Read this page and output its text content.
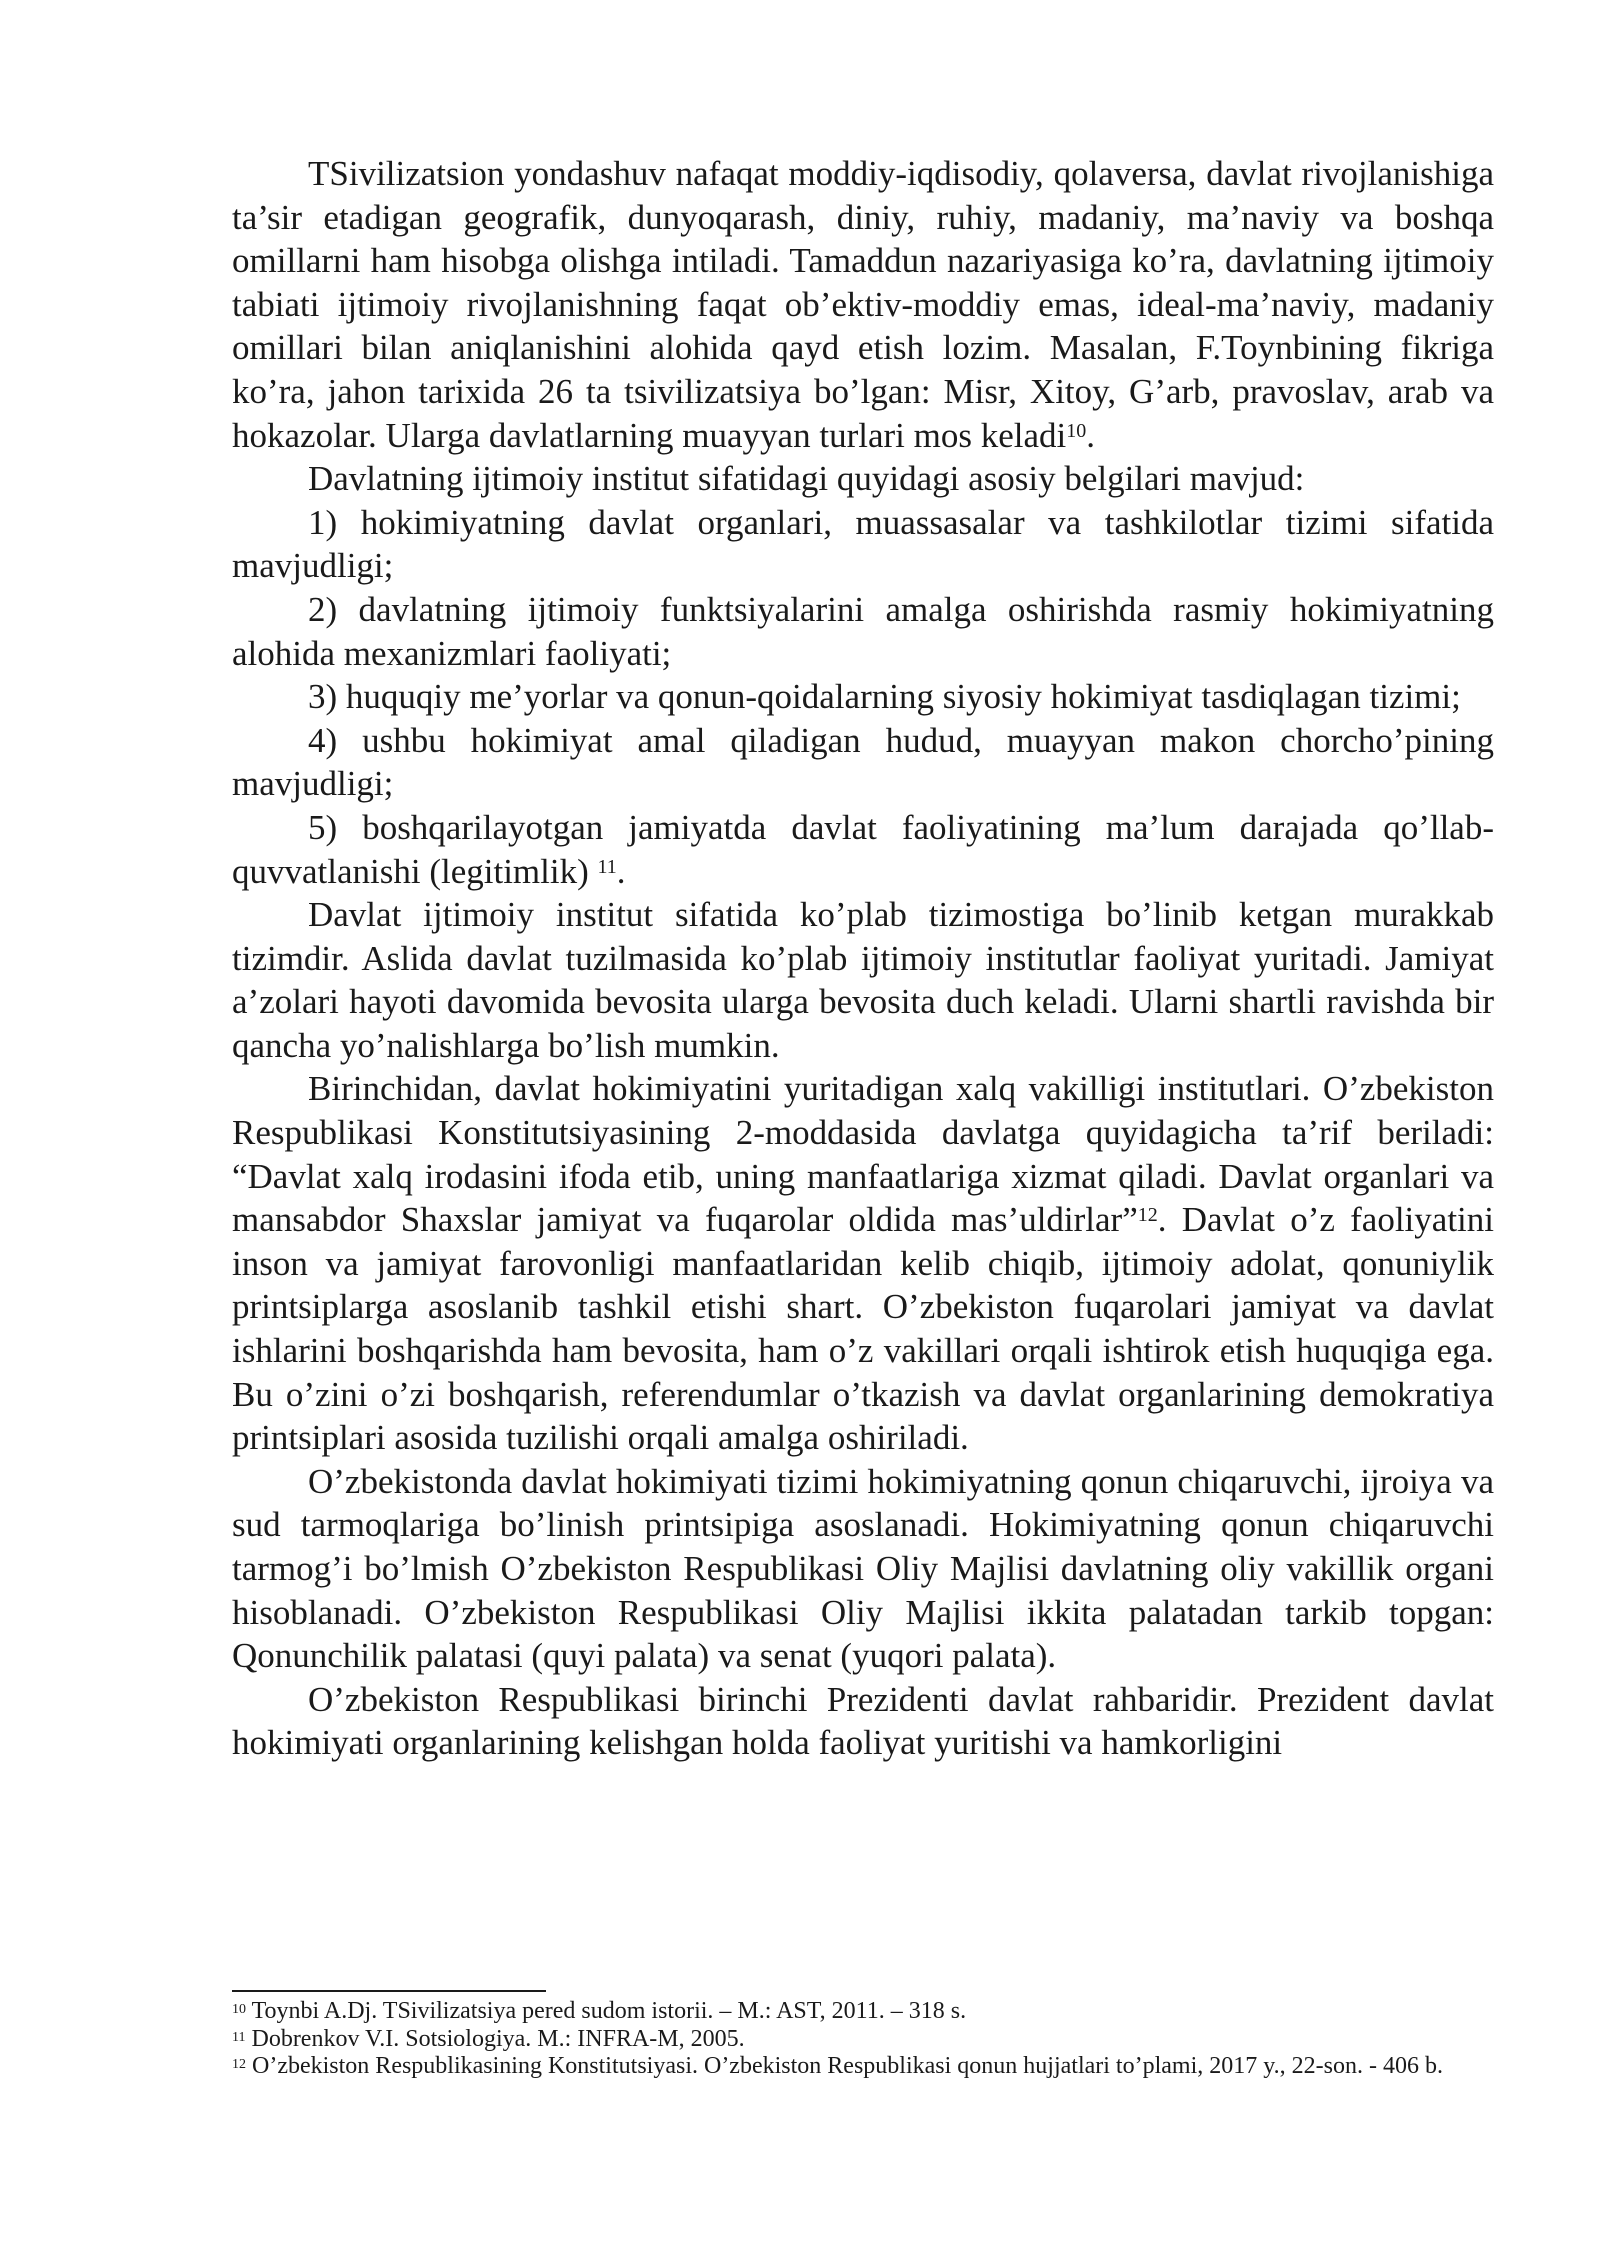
TSivilizatsion yondashuv nafaqat moddiy-iqdisodiy, qolaversa, davlat rivojlanishiga ta’sir etadigan geografik, dunyoqarash, diniy, ruhiy, madaniy, ma’naviy va boshqa omillarni ham hisobga olishga intiladi. Tamaddun nazariyasiga ko’ra, davlatning ijtimoiy tabiati ijtimoiy rivojlanishning faqat ob’ektiv-moddiy emas, ideal-ma’naviy, madaniy omillari bilan aniqlanishini alohida qayd etish lozim. Masalan, F.Toynbining fikriga ko’ra, jahon tarixida 26 ta tsivilizatsiya bo’lgan: Misr, Xitoy, G’arb, pravoslav, arab va hokazolar. Ularga davlatlarning muayyan turlari mos keladi$^{10}$.

Davlatning ijtimoiy institut sifatidagi quyidagi asosiy belgilari mavjud:

1) hokimiyatning davlat organlari, muassasalar va tashkilotlar tizimi sifatida mavjudligi;

2) davlatning ijtimoiy funktsiyalarini amalga oshirishda rasmiy hokimiyatning alohida mexanizmlari faoliyati;

3) huquqiy me’yorlar va qonun-qoidalarning siyosiy hokimiyat tasdiqlagan tizimi;

4) ushbu hokimiyat amal qiladigan hudud, muayyan makon chorcho’pining mavjudligi;

5) boshqarilayotgan jamiyatda davlat faoliyatining ma’lum darajada qo’llab-quvvatlanishi (legitimlik) $^{11}$.

Davlat ijtimoiy institut sifatida ko’plab tizimostiga bo’linib ketgan murakkab tizimdir. Aslida davlat tuzilmasida ko’plab ijtimoiy institutlar faoliyat yuritadi. Jamiyat a’zolari hayoti davomida bevosita ularga bevosita duch keladi. Ularni shartli ravishda bir qancha yo’nalishlarga bo’lish mumkin.

Birinchidan, davlat hokimiyatini yuritadigan xalq vakilligi institutlari. O’zbekiston Respublikasi Konstitutsiyasining 2-moddasida davlatga quyidagicha ta’rif beriladi: “Davlat xalq irodasini ifoda etib, uning manfaatlariga xizmat qiladi. Davlat organlari va mansabdor Shaxslar jamiyat va fuqarolar oldida mas’uldirlar”$^{12}$. Davlat o’z faoliyatini inson va jamiyat farovonligi manfaatlaridan kelib chiqib, ijtimoiy adolat, qonuniylik printsiplarga asoslanib tashkil etishi shart. O’zbekiston fuqarolari jamiyat va davlat ishlarini boshqarishda ham bevosita, ham o’z vakillari orqali ishtirok etish huquqiga ega. Bu o’zini o’zi boshqarish, referendumlar o’tkazish va davlat organlarining demokratiya printsiplari asosida tuzilishi orqali amalga oshiriladi.

O’zbekistonda davlat hokimiyati tizimi hokimiyatning qonun chiqaruvchi, ijroiya va sud tarmoqlariga bo’linish printsipiga asoslanadi. Hokimiyatning qonun chiqaruvchi tarmog’i bo’lmish O’zbekiston Respublikasi Oliy Majlisi davlatning oliy vakillik organi hisoblanadi. O’zbekiston Respublikasi Oliy Majlisi ikkita palatadan tarkib topgan: Qonunchilik palatasi (quyi palata) va senat (yuqori palata).

O’zbekiston Respublikasi birinchi Prezidenti davlat rahbaridir. Prezident davlat hokimiyati organlarining kelishgan holda faoliyat yuritishi va hamkorligini

$^{10}$ Toynbi A.Dj. TSivilizatsiya pered sudom istorii. – M.: AST, 2011. – 318 s.

$^{11}$ Dobrenkov V.I. Sotsiologiya. M.: INFRA-M, 2005.

$^{12}$ O’zbekiston Respublikasining Konstitutsiyasi. O’zbekiston Respublikasi qonun hujjatlari to’plami, 2017 y., 22-son. - 406 b.
